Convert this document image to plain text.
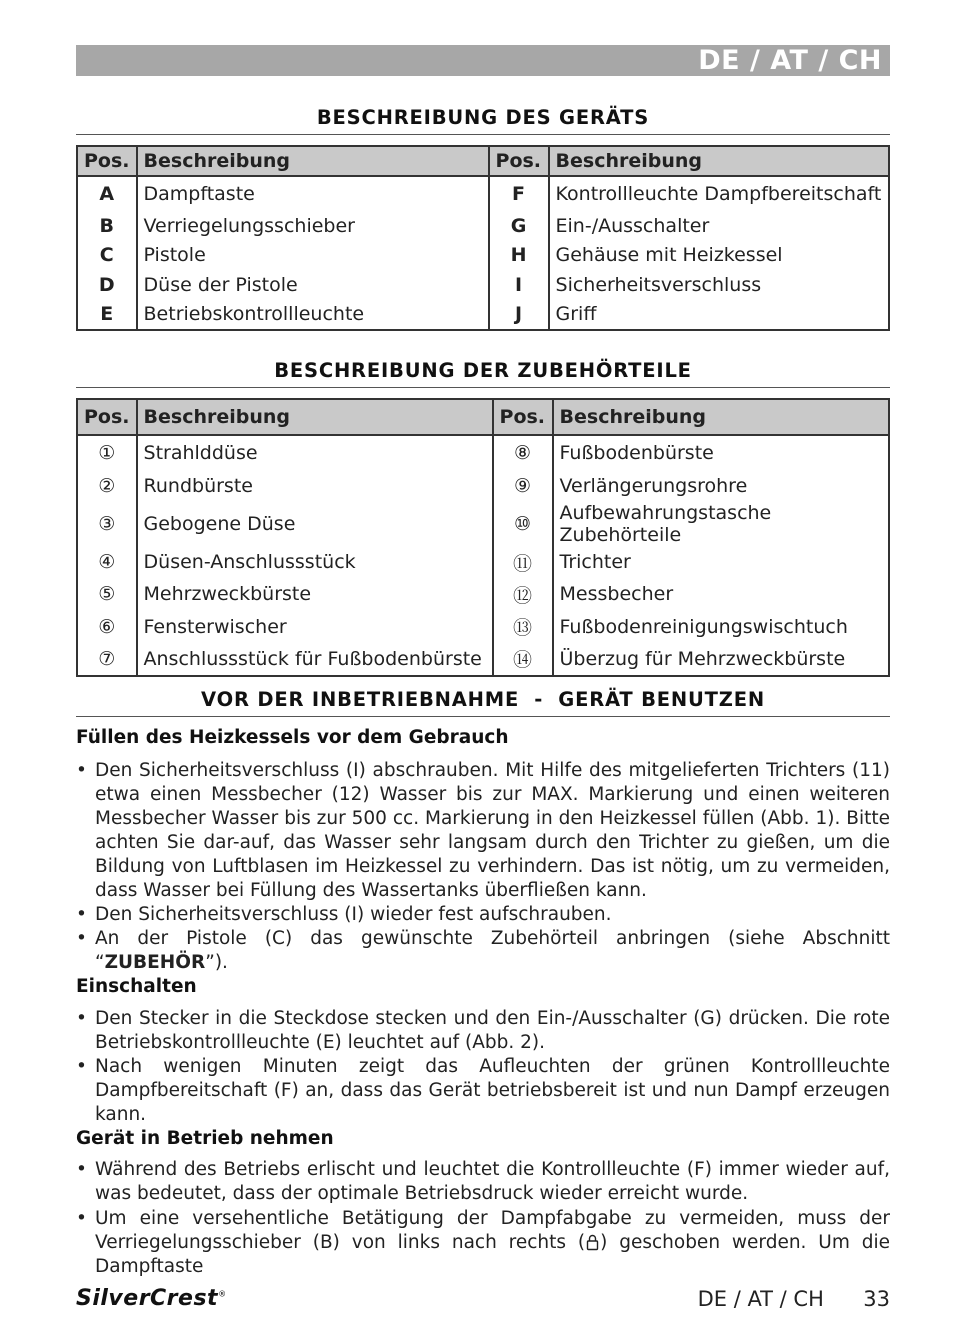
DE / AT / CH
BESCHREIBUNG DES GERÄTS
Pos.	Beschreibung	Pos.	Beschreibung
A	Dampftaste	F	Kontrollleuchte Dampfbereitschaft
B	Verriegelungsschieber	G	Ein-/Ausschalter
C	Pistole	H	Gehäuse mit Heizkessel
D	Düse der Pistole	I	Sicherheitsverschluss
E	Betriebskontrollleuchte	J	Griff
BESCHREIBUNG DER ZUBEHÖRTEILE
Pos.	Beschreibung	Pos.	Beschreibung
①	Strahlddüse	⑧	Fußbodenbürste
②	Rundbürste	⑨	Verlängerungsrohre
③	Gebogene Düse	⑩	Aufbewahrungstasche Zubehörteile
④	Düsen-Anschlussstück	⑪	Trichter
⑤	Mehrzweckbürste	⑫	Messbecher
⑥	Fensterwischer	⑬	Fußbodenreinigungswischtuch
⑦	Anschlussstück für Fußbodenbürste	⑭	Überzug für Mehrzweckbürste
VOR DER INBETRIEBNAHME  -  GERÄT BENUTZEN
Füllen des Heizkessels vor dem Gebrauch
• Den Sicherheitsverschluss (I) abschrauben. Mit Hilfe des mitgelieferten Trichters (11) etwa einen Messbecher (12) Wasser bis zur MAX. Markierung und einen weiteren Messbecher Wasser bis zur 500 cc. Markierung in den Heizkessel füllen (Abb. 1). Bitte achten Sie dar-auf, das Wasser sehr langsam durch den Trichter zu gießen, um die Bildung von Luftblasen im Heizkessel zu verhindern. Das ist nötig, um zu vermeiden, dass Wasser bei Füllung des Wassertanks überfließen kann.
• Den Sicherheitsverschluss (I) wieder fest aufschrauben.
• An der Pistole (C) das gewünschte Zubehörteil anbringen (siehe Abschnitt “ZUBEHÖR”).
Einschalten
• Den Stecker in die Steckdose stecken und den Ein-/Ausschalter (G) drücken. Die rote Betriebskontrollleuchte (E) leuchtet auf (Abb. 2).
• Nach wenigen Minuten zeigt das Aufleuchten der grünen Kontrollleuchte Dampfbereitschaft (F) an, dass das Gerät betriebsbereit ist und nun Dampf erzeugen kann.
Gerät in Betrieb nehmen
• Während des Betriebs erlischt und leuchtet die Kontrollleuchte (F) immer wieder auf, was bedeutet, dass der optimale Betriebsdruck wieder erreicht wurde.
• Um eine versehentliche Betätigung der Dampfabgabe zu vermeiden, muss der Verriegelungsschieber (B) von links nach rechts ( ) geschoben werden. Um die Dampftaste
SilverCrest®	DE / AT / CH 33
